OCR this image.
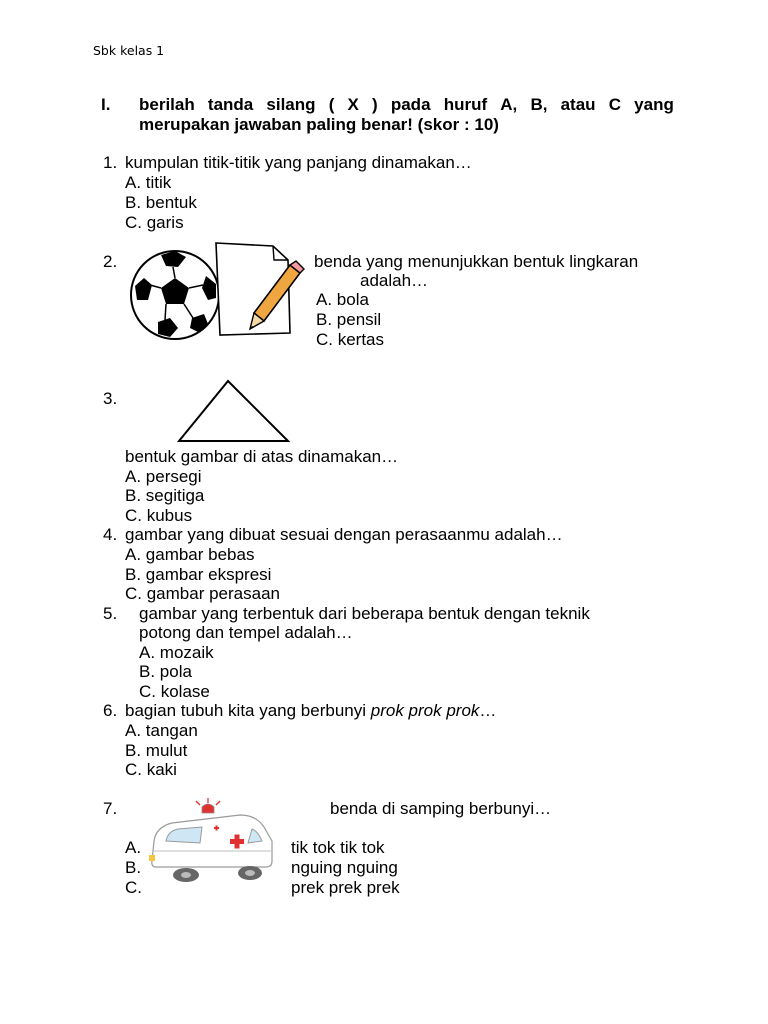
Sbk kelas 1
I. berilah tanda silang ( X ) pada huruf A, B, atau C yang
merupakan jawaban paling benar! (skor : 10)
1. kumpulan titik-titik yang panjang dinamakan…
A. titik
B. bentuk
C. garis
2.	benda yang menunjukkan bentuk lingkaran
adalah…
A. bola
B. pensil
C. kertas
3.
bentuk gambar di atas dinamakan…
A. persegi
B. segitiga
C. kubus
4. gambar yang dibuat sesuai dengan perasaanmu adalah…
A. gambar bebas
B. gambar ekspresi
C. gambar perasaan
5. gambar yang terbentuk dari beberapa bentuk dengan teknik
potong dan tempel adalah…
A. mozaik
B. pola
C. kolase
6. bagian tubuh kita yang berbunyi prok prok prok…
A. tangan
B. mulut
C. kaki
7.	benda di samping berbunyi…
A.	tik tok tik tok
B.	nguing nguing
C.	prek prek prek
